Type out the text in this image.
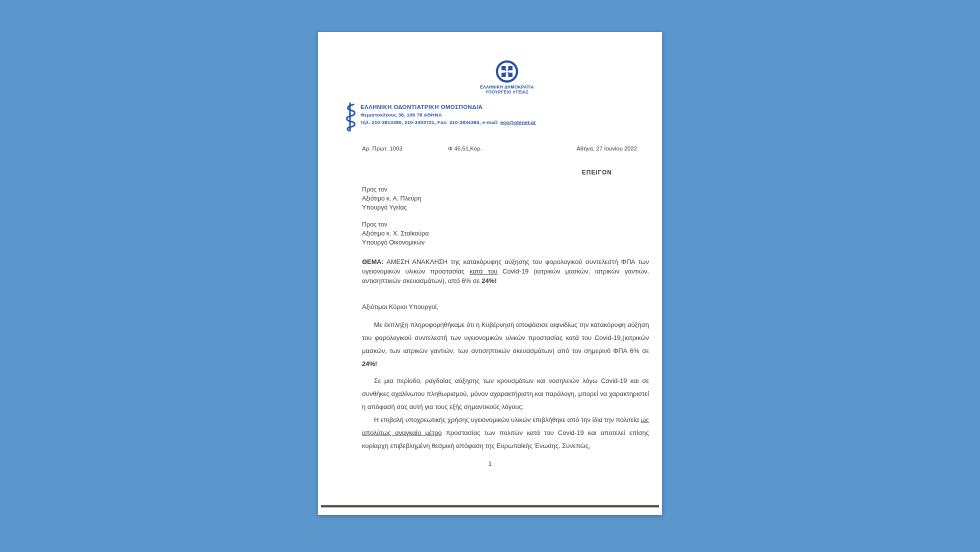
ΕΛΛΗΝΙΚΗ ΔΗΜΟΚΡΑΤΙΑ
ΥΠΟΥΡΓΕΙΟ ΥΓΕΙΑΣ
ΕΛΛΗΝΙΚΗ ΟΔΟΝΤΙΑΤΡΙΚΗ ΟΜΟΣΠΟΝΔΙΑ
Θεμιστοκλέους 38, 106 78 ΑΘΗΝΑ
τηλ. 210-3813380, 210-3303721, Fax: 210-3834385, e-mail: eoo@otenet.gr
Αρ. Πρωτ. 1003	Φ 45,51,Κορ.	Αθήνα, 27 Ιουνίου 2022
ΕΠΕΙΓΟΝ
Προς τον
Αξιότιμο κ. Α. Πλεύρη
Υπουργό Υγείας
Προς τον
Αξιότιμο κ. Χ. Σταϊκούρα
Υπουργό Οικονομικών
ΘΕΜΑ: ΑΜΕΣΗ ΑΝΑΚΛΗΣΗ της κατακόρυφης αύξησης του φορολογικού συντελεστή ΦΠΑ των υγειονομικών υλικών προστασίας κατά του Covid-19 (ιατρικών μασκών, ιατρικών γαντιών, αντισηπτικών σκευασμάτων), από 6% σε 24%!
Αξιότιμοι Κύριοι Υπουργοί,
Με έκπληξη πληροφορηθήκαμε ότι η Κυβέρνηση αποφάσισε αιφνιδίως την κατακόρυφη αύξηση του φορολογικού συντελεστή των υγειονομικών υλικών προστασίας κατά του Covid-19,(ιατρικών μασκών, των ιατρικών γαντιών, των αντισηπτικών σκευασμάτων) από τον σημερινό ΦΠΑ 6% σε 24%!
Σε μια περίοδο, ραγδαίας αύξησης των κρουσμάτων και νοσηλειών λόγω Covid-19 και σε συνθήκες αχαλίνωτου πληθωρισμού, μόνον αχαρακτήριστη και παράλογη, μπορεί να χαρακτηριστεί η απόφασή σας αυτή για τους εξής σημαντικούς λόγους:
Η επιβολή υποχρεωτικής χρήσης υγειονομικών υλικών επιβλήθηκε από την ίδια την πολιτεία ως απολύτως αναγκαίο μέτρο προστασίας των πολιτών κατά του Covid-19 και αποτελεί επίσης κυρίαρχη επιβεβλημένη θεσμική απόφαση της Ευρωπαϊκής Ένωσης. Συνεπώς,
1
